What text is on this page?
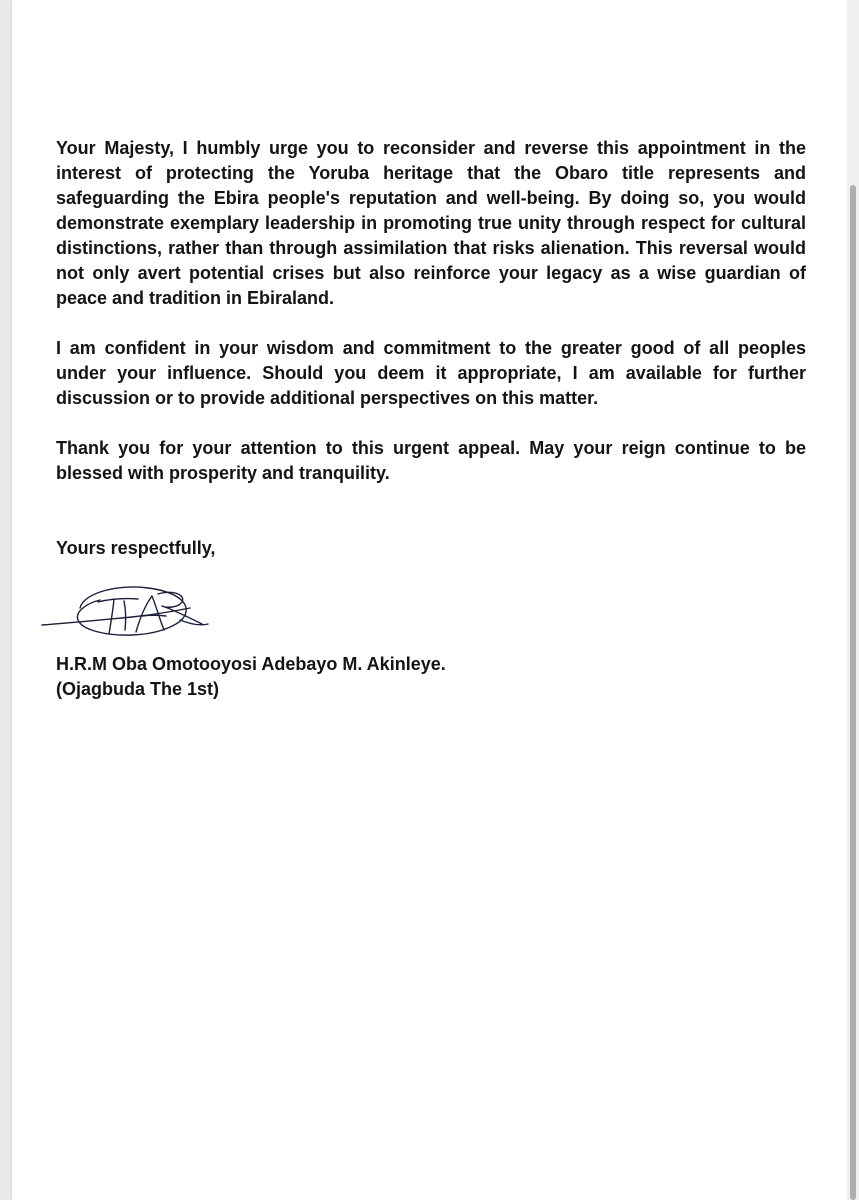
Your Majesty, I humbly urge you to reconsider and reverse this appointment in the interest of protecting the Yoruba heritage that the Obaro title represents and safeguarding the Ebira people's reputation and well-being. By doing so, you would demonstrate exemplary leadership in promoting true unity through respect for cultural distinctions, rather than through assimilation that risks alienation. This reversal would not only avert potential crises but also reinforce your legacy as a wise guardian of peace and tradition in Ebiraland.

I am confident in your wisdom and commitment to the greater good of all peoples under your influence. Should you deem it appropriate, I am available for further discussion or to provide additional perspectives on this matter.

Thank you for your attention to this urgent appeal. May your reign continue to be blessed with prosperity and tranquility.

Yours respectfully,

H.R.M Oba Omotooyosi Adebayo M. Akinleye.
(Ojagbuda The 1st)
